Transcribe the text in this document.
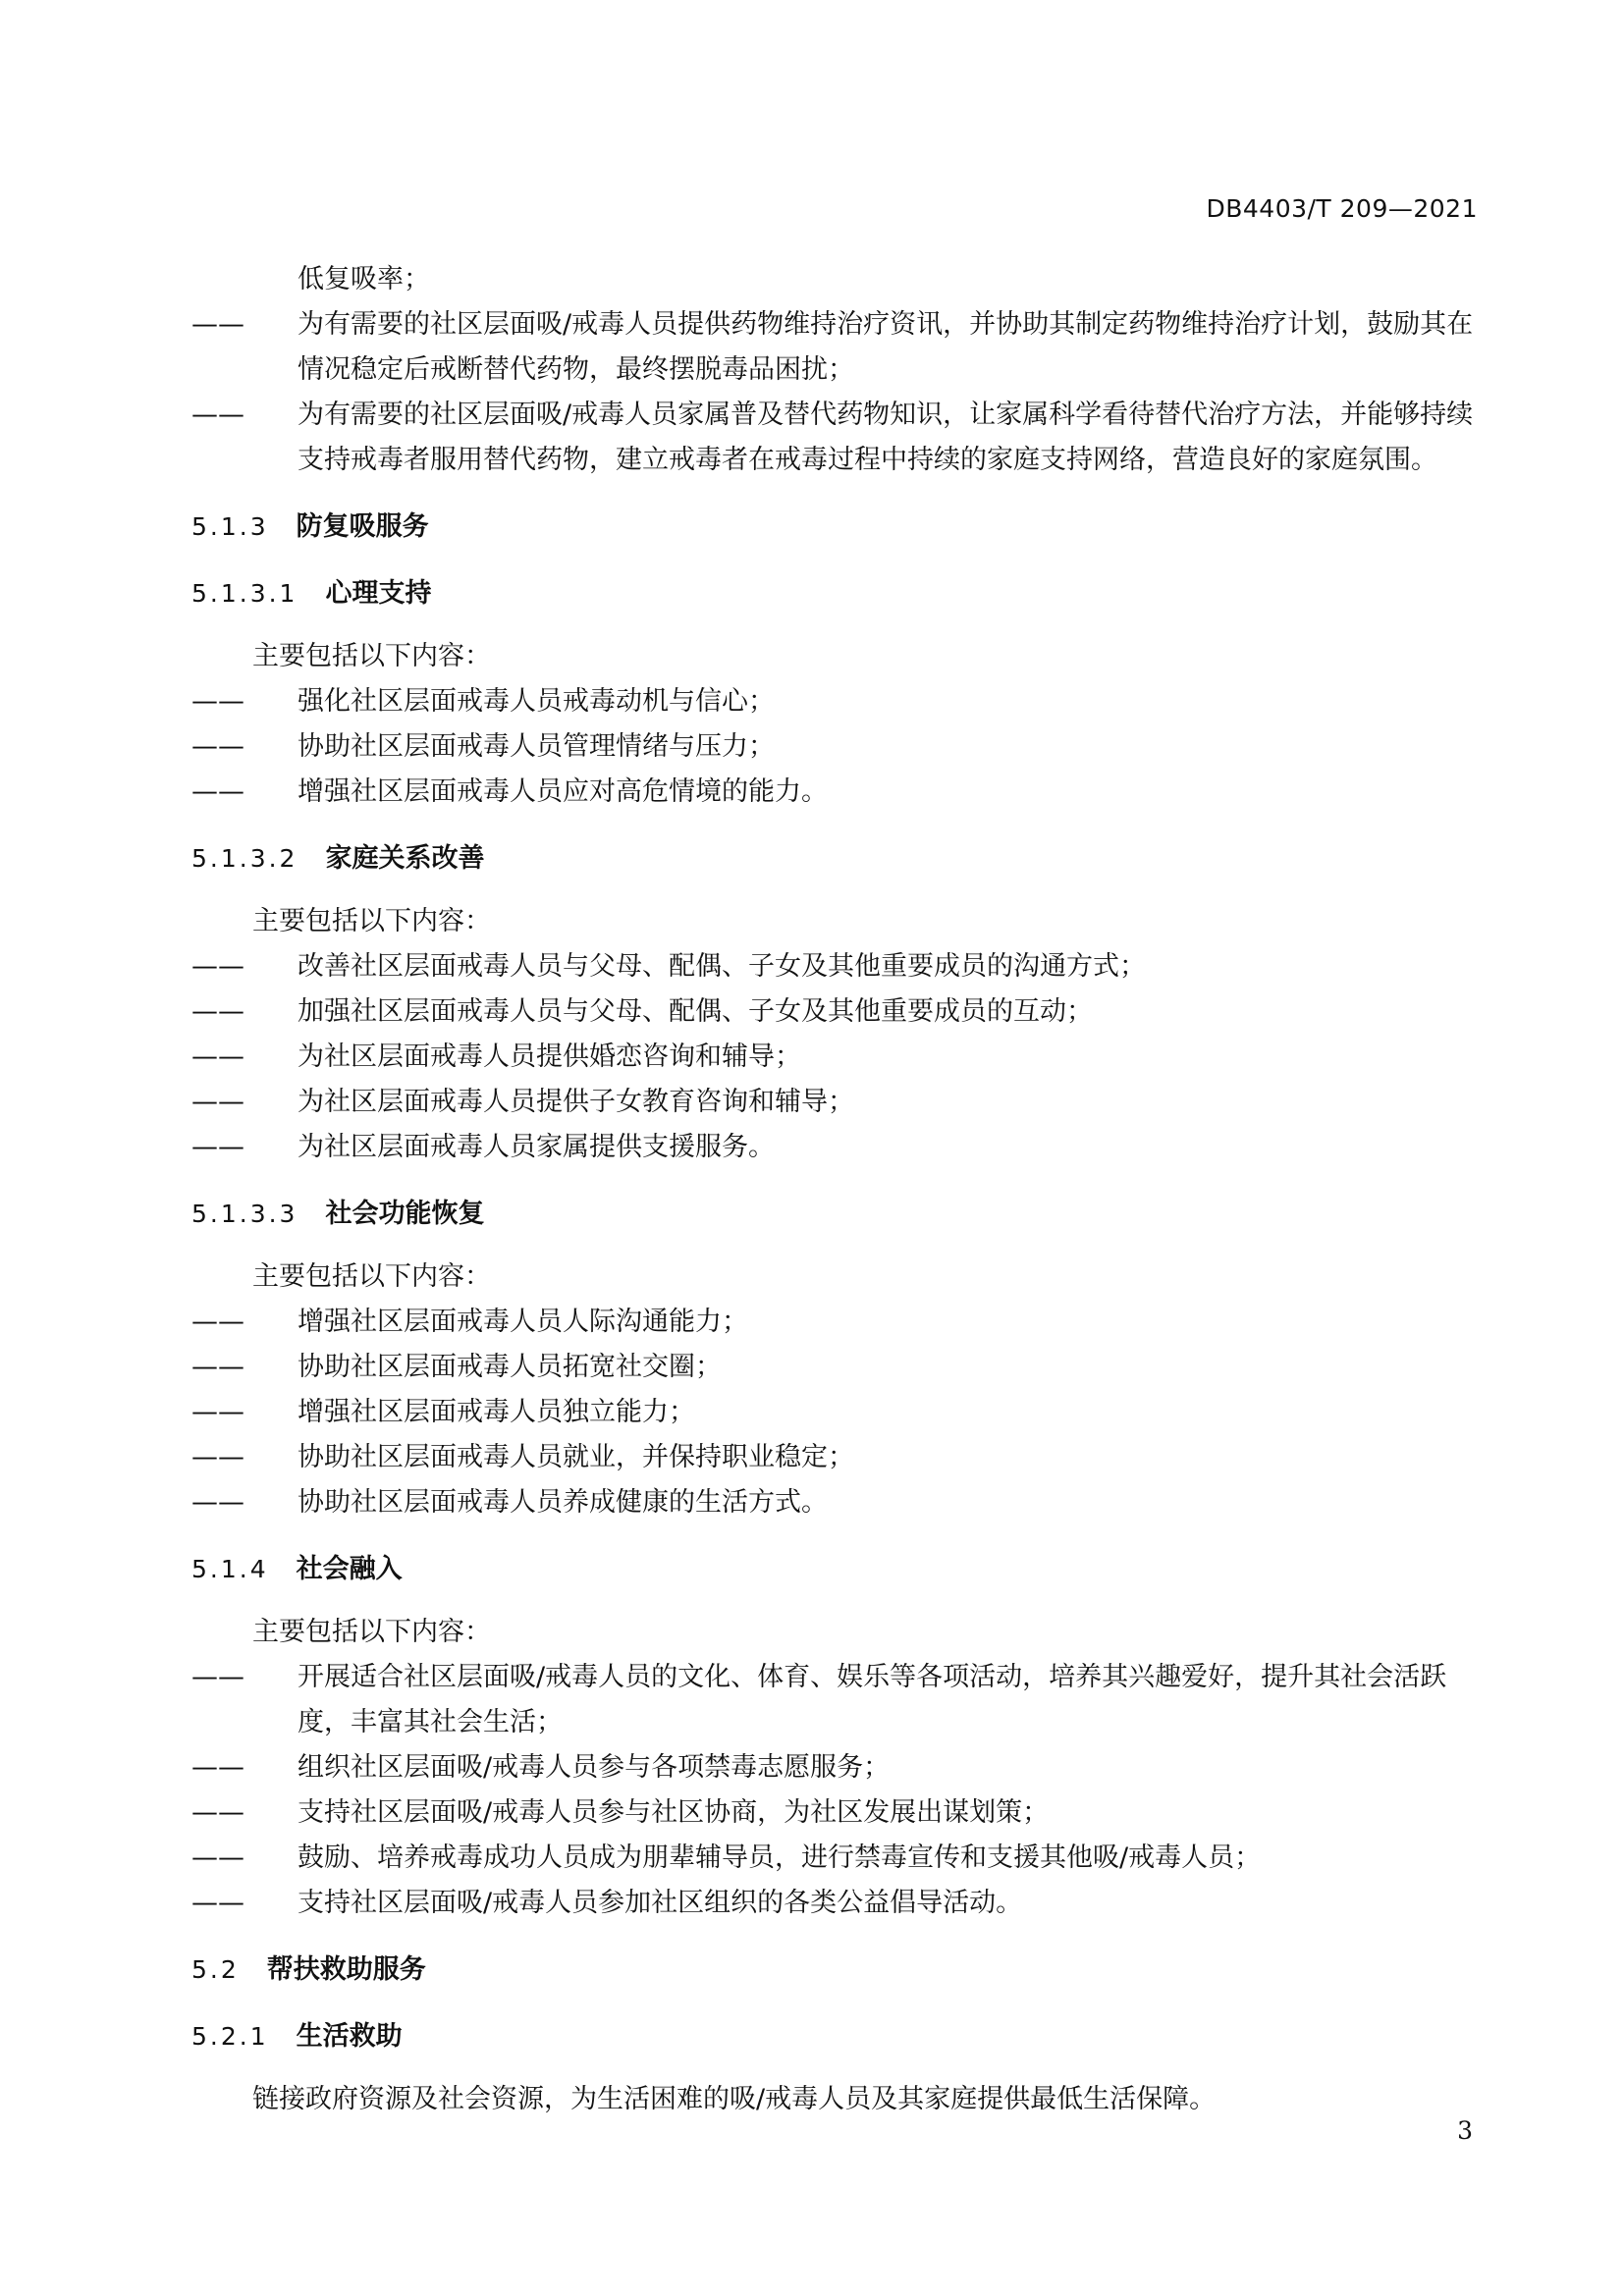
DB4403/T 209—2021

低复吸率；

—— 为有需要的社区层面吸/戒毒人员提供药物维持治疗资讯，并协助其制定药物维持治疗计划，鼓励其在情况稳定后戒断替代药物，最终摆脱毒品困扰；

—— 为有需要的社区层面吸/戒毒人员家属普及替代药物知识，让家属科学看待替代治疗方法，并能够持续支持戒毒者服用替代药物，建立戒毒者在戒毒过程中持续的家庭支持网络，营造良好的家庭氛围。

5.1.3 防复吸服务
5.1.3.1 心理支持

主要包括以下内容：

—— 强化社区层面戒毒人员戒毒动机与信心；

—— 协助社区层面戒毒人员管理情绪与压力；

—— 增强社区层面戒毒人员应对高危情境的能力。

5.1.3.2 家庭关系改善

主要包括以下内容：

—— 改善社区层面戒毒人员与父母、配偶、子女及其他重要成员的沟通方式；

—— 加强社区层面戒毒人员与父母、配偶、子女及其他重要成员的互动；

—— 为社区层面戒毒人员提供婚恋咨询和辅导；

—— 为社区层面戒毒人员提供子女教育咨询和辅导；

—— 为社区层面戒毒人员家属提供支援服务。

5.1.3.3 社会功能恢复

主要包括以下内容：

—— 增强社区层面戒毒人员人际沟通能力；

—— 协助社区层面戒毒人员拓宽社交圈；

—— 增强社区层面戒毒人员独立能力；

—— 协助社区层面戒毒人员就业，并保持职业稳定；

—— 协助社区层面戒毒人员养成健康的生活方式。

5.1.4 社会融入

主要包括以下内容：

—— 开展适合社区层面吸/戒毒人员的文化、体育、娱乐等各项活动，培养其兴趣爱好，提升其社会活跃度，丰富其社会生活；

—— 组织社区层面吸/戒毒人员参与各项禁毒志愿服务；

—— 支持社区层面吸/戒毒人员参与社区协商，为社区发展出谋划策；

—— 鼓励、培养戒毒成功人员成为朋辈辅导员，进行禁毒宣传和支援其他吸/戒毒人员；

—— 支持社区层面吸/戒毒人员参加社区组织的各类公益倡导活动。

5.2 帮扶救助服务
5.2.1 生活救助

链接政府资源及社会资源，为生活困难的吸/戒毒人员及其家庭提供最低生活保障。

3
